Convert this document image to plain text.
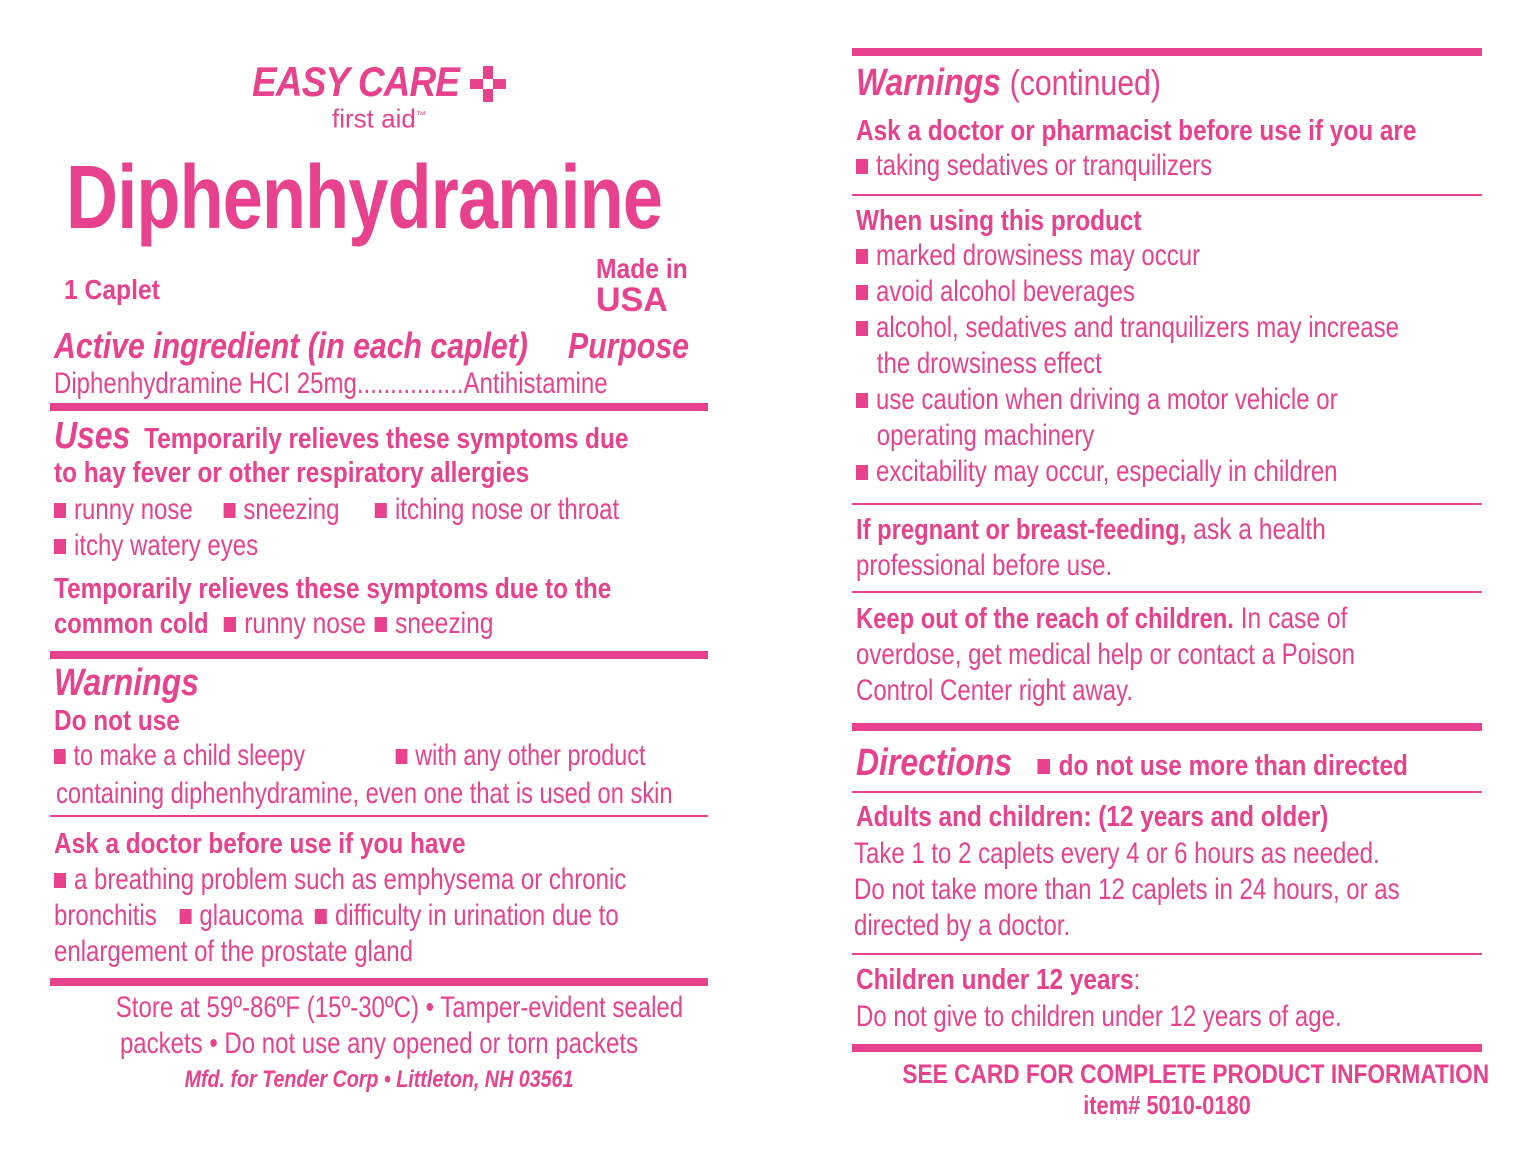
EASY CARE
first aid™
Diphenhydramine
1 Caplet
Made in
USA
Active ingredient (in each caplet) Purpose
Diphenhydramine HCI 25mg................Antihistamine
Uses Temporarily relieves these symptoms due
to hay fever or other respiratory allergies
runny nose sneezing itching nose or throat
itchy watery eyes
Temporarily relieves these symptoms due to the
common cold runny nose sneezing
Warnings
Do not use
to make a child sleepy	with any other product
containing diphenhydramine, even one that is used on skin
Ask a doctor before use if you have
a breathing problem such as emphysema or chronic
bronchitis glaucoma difficulty in urination due to
enlargement of the prostate gland
Store at 59º-86ºF (15º-30ºC) • Tamper-evident sealed
packets • Do not use any opened or torn packets
Mfd. for Tender Corp • Littleton, NH 03561
Warnings (continued)
Ask a doctor or pharmacist before use if you are
taking sedatives or tranquilizers
When using this product
marked drowsiness may occur
avoid alcohol beverages
alcohol, sedatives and tranquilizers may increase
the drowsiness effect
use caution when driving a motor vehicle or
operating machinery
excitability may occur, especially in children
If pregnant or breast-feeding, ask a health
professional before use.
Keep out of the reach of children. In case of
overdose, get medical help or contact a Poison
Control Center right away.
Directions do not use more than directed
Adults and children: (12 years and older)
Take 1 to 2 caplets every 4 or 6 hours as needed.
Do not take more than 12 caplets in 24 hours, or as
directed by a doctor.
Children under 12 years:
Do not give to children under 12 years of age.
SEE CARD FOR COMPLETE PRODUCT INFORMATION
item# 5010-0180
